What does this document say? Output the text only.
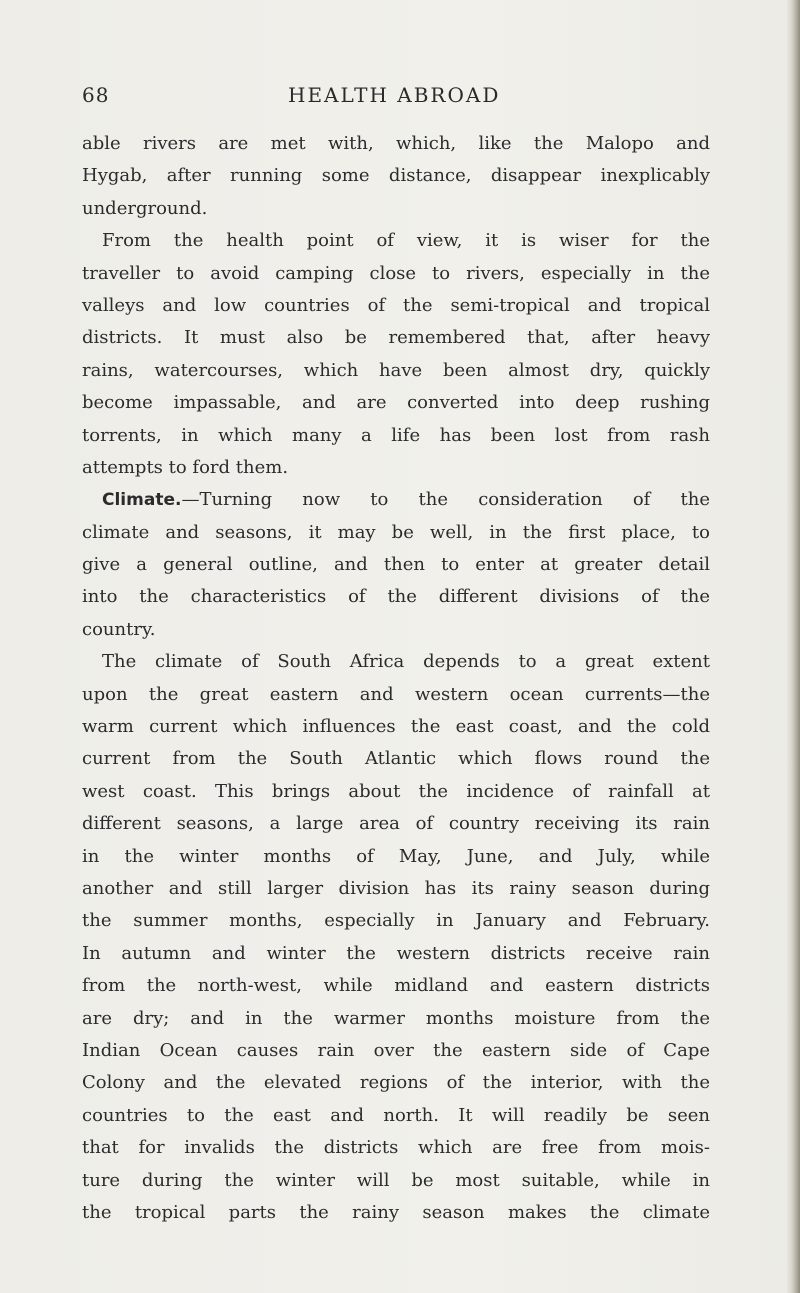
68	HEALTH ABROAD
able rivers are met with, which, like the Malopo and
Hygab, after running some distance, disappear inexplicably
underground.
From the health point of view, it is wiser for the
traveller to avoid camping close to rivers, especially in the
valleys and low countries of the semi-tropical and tropical
districts. It must also be remembered that, after heavy
rains, watercourses, which have been almost dry, quickly
become impassable, and are converted into deep rushing
torrents, in which many a life has been lost from rash
attempts to ford them.
Climate.—Turning now to the consideration of the
climate and seasons, it may be well, in the first place, to
give a general outline, and then to enter at greater detail
into the characteristics of the different divisions of the
country.
The climate of South Africa depends to a great extent
upon the great eastern and western ocean currents—the
warm current which influences the east coast, and the cold
current from the South Atlantic which flows round the
west coast. This brings about the incidence of rainfall at
different seasons, a large area of country receiving its rain
in the winter months of May, June, and July, while
another and still larger division has its rainy season during
the summer months, especially in January and February.
In autumn and winter the western districts receive rain
from the north-west, while midland and eastern districts
are dry; and in the warmer months moisture from the
Indian Ocean causes rain over the eastern side of Cape
Colony and the elevated regions of the interior, with the
countries to the east and north. It will readily be seen
that for invalids the districts which are free from mois-
ture during the winter will be most suitable, while in
the tropical parts the rainy season makes the climate
